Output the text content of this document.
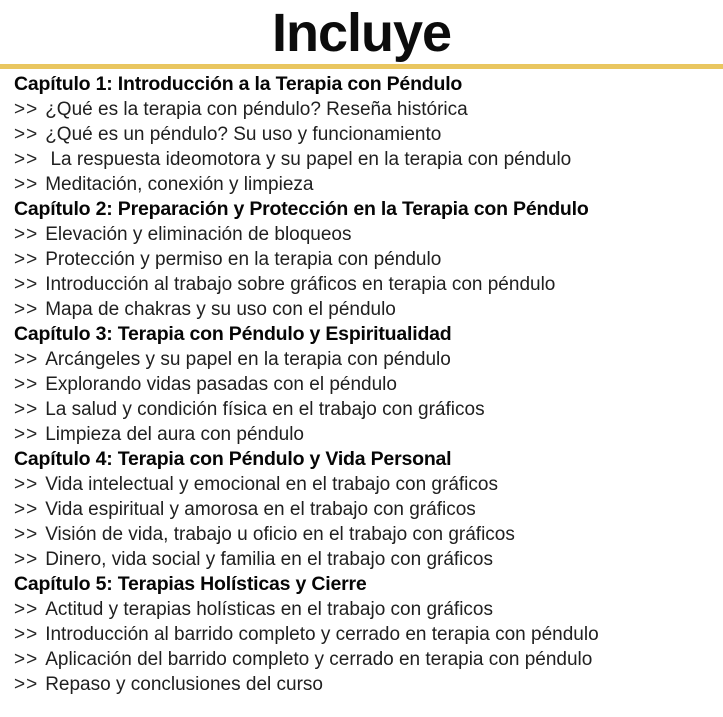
Incluye
Capítulo 1: Introducción a la Terapia con Péndulo
>> ¿Qué es la terapia con péndulo? Reseña histórica
>> ¿Qué es un péndulo? Su uso y funcionamiento
>> La respuesta ideomotora y su papel en la terapia con péndulo
>> Meditación, conexión y limpieza
Capítulo 2: Preparación y Protección en la Terapia con Péndulo
>> Elevación y eliminación de bloqueos
>> Protección y permiso en la terapia con péndulo
>> Introducción al trabajo sobre gráficos en terapia con péndulo
>> Mapa de chakras y su uso con el péndulo
Capítulo 3: Terapia con Péndulo y Espiritualidad
>> Arcángeles y su papel en la terapia con péndulo
>> Explorando vidas pasadas con el péndulo
>> La salud y condición física en el trabajo con gráficos
>> Limpieza del aura con péndulo
Capítulo 4: Terapia con Péndulo y Vida Personal
>> Vida intelectual y emocional en el trabajo con gráficos
>> Vida espiritual y amorosa en el trabajo con gráficos
>> Visión de vida, trabajo u oficio en el trabajo con gráficos
>> Dinero, vida social y familia en el trabajo con gráficos
Capítulo 5: Terapias Holísticas y Cierre
>> Actitud y terapias holísticas en el trabajo con gráficos
>> Introducción al barrido completo y cerrado en terapia con péndulo
>> Aplicación del barrido completo y cerrado en terapia con péndulo
>> Repaso y conclusiones del curso
